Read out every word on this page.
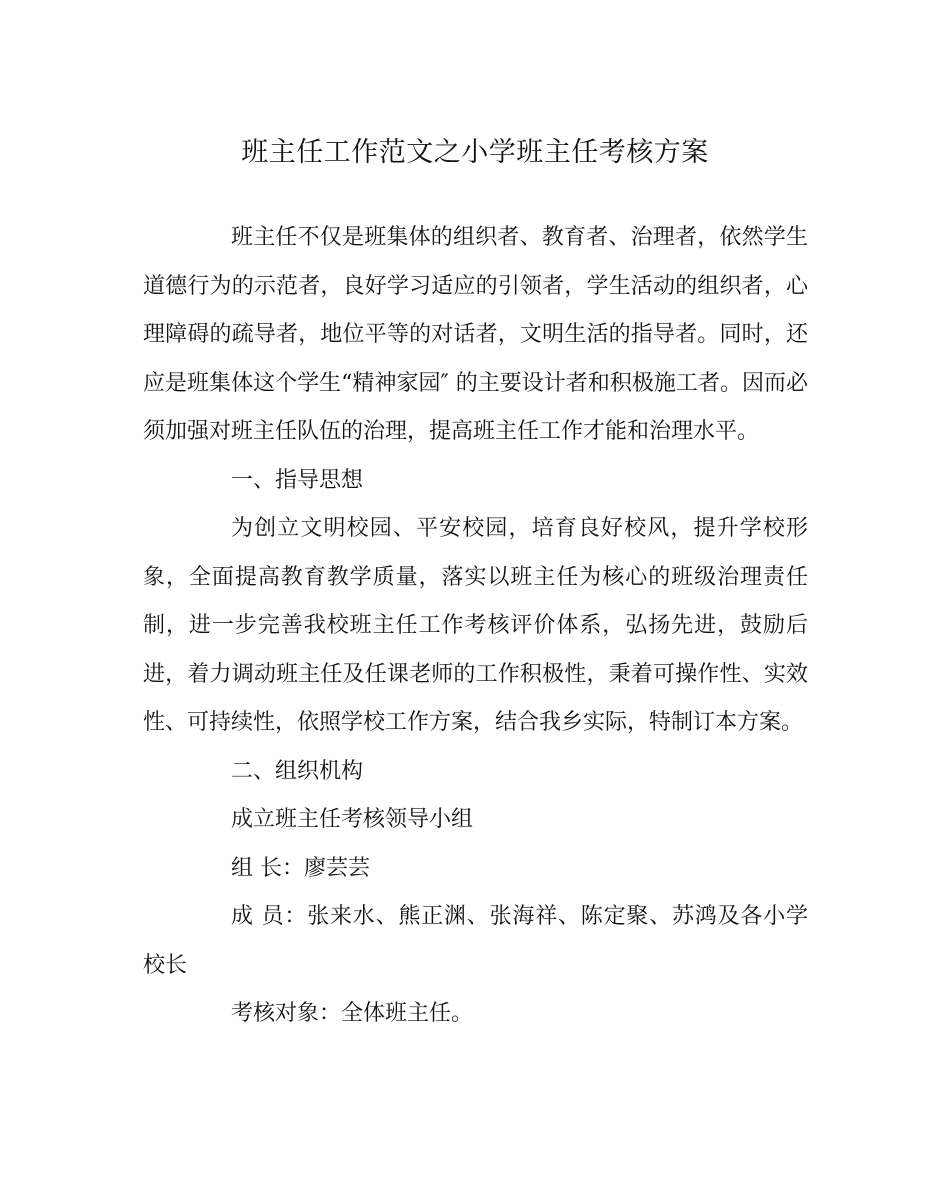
班主任工作范文之小学班主任考核方案

班主任不仅是班集体的组织者、教育者、治理者，依然学生道德行为的示范者，良好学习适应的引领者，学生活动的组织者，心理障碍的疏导者，地位平等的对话者，文明生活的指导者。同时，还应是班集体这个学生“精神家园″ 的主要设计者和积极施工者。因而必须加强对班主任队伍的治理，提高班主任工作才能和治理水平。

一、指导思想

为创立文明校园、平安校园，培育良好校风，提升学校形象，全面提高教育教学质量，落实以班主任为核心的班级治理责任制，进一步完善我校班主任工作考核评价体系，弘扬先进，鼓励后进，着力调动班主任及任课老师的工作积极性，秉着可操作性、实效性、可持续性，依照学校工作方案，结合我乡实际，特制订本方案。

二、组织机构

成立班主任考核领导小组

组 长：廖芸芸

成 员：张来水、熊正渊、张海祥、陈定聚、苏鸿及各小学校长

考核对象：全体班主任。
